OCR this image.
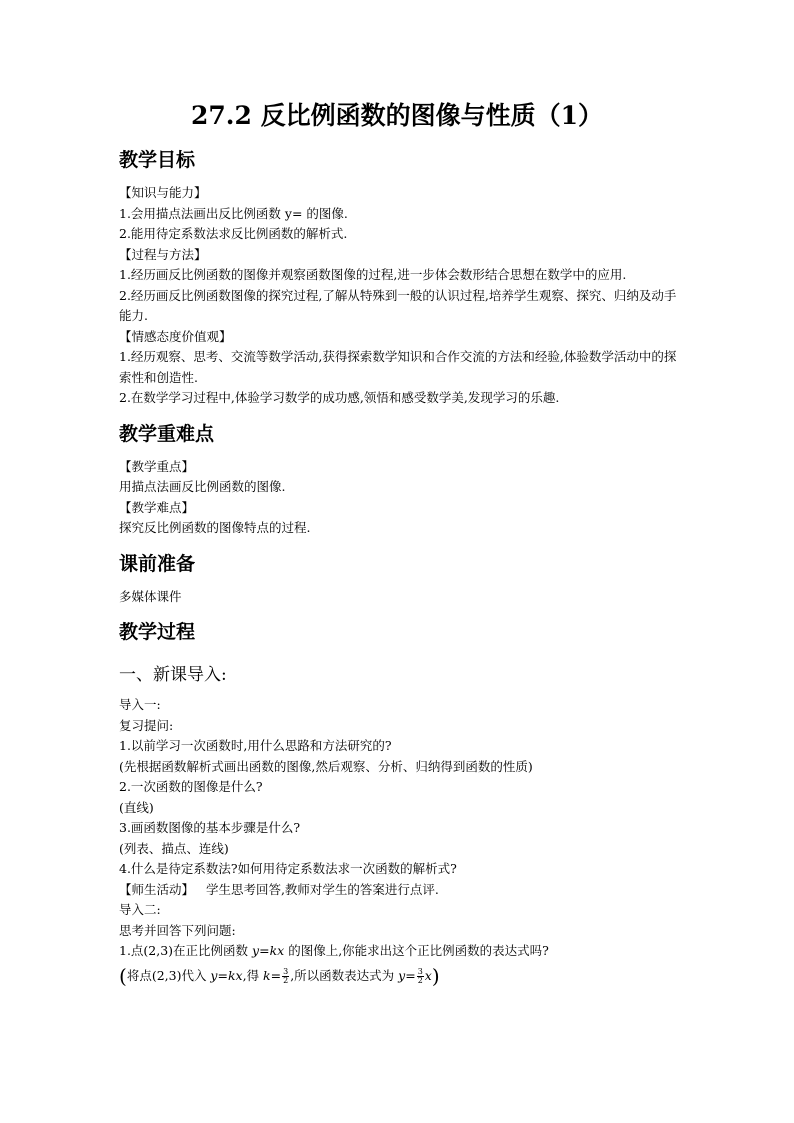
27.2 反比例函数的图像与性质（1）
教学目标
【知识与能力】
1.会用描点法画出反比例函数 y= 的图像.
2.能用待定系数法求反比例函数的解析式.
【过程与方法】
1.经历画反比例函数的图像并观察函数图像的过程,进一步体会数形结合思想在数学中的应用.
2.经历画反比例函数图像的探究过程,了解从特殊到一般的认识过程,培养学生观察、探究、归纳及动手能力.
【情感态度价值观】
1.经历观察、思考、交流等数学活动,获得探索数学知识和合作交流的方法和经验,体验数学活动中的探索性和创造性.
2.在数学学习过程中,体验学习数学的成功感,领悟和感受数学美,发现学习的乐趣.
教学重难点
【教学重点】
用描点法画反比例函数的图像.
【教学难点】
探究反比例函数的图像特点的过程.
课前准备
多媒体课件
教学过程
一、新课导入:
导入一:
复习提问:
1.以前学习一次函数时,用什么思路和方法研究的?
(先根据函数解析式画出函数的图像,然后观察、分析、归纳得到函数的性质)
2.一次函数的图像是什么?
(直线)
3.画函数图像的基本步骤是什么?
(列表、描点、连线)
4.什么是待定系数法?如何用待定系数法求一次函数的解析式?
【师生活动】 学生思考回答,教师对学生的答案进行点评.
导入二:
思考并回答下列问题:
1.点(2,3)在正比例函数 y=kx 的图像上,你能求出这个正比例函数的表达式吗?
(将点(2,3)代入 y=kx,得 $k= \frac{3}{2}$ ,所以函数表达式为 $y= \frac{3}{2} x$)
